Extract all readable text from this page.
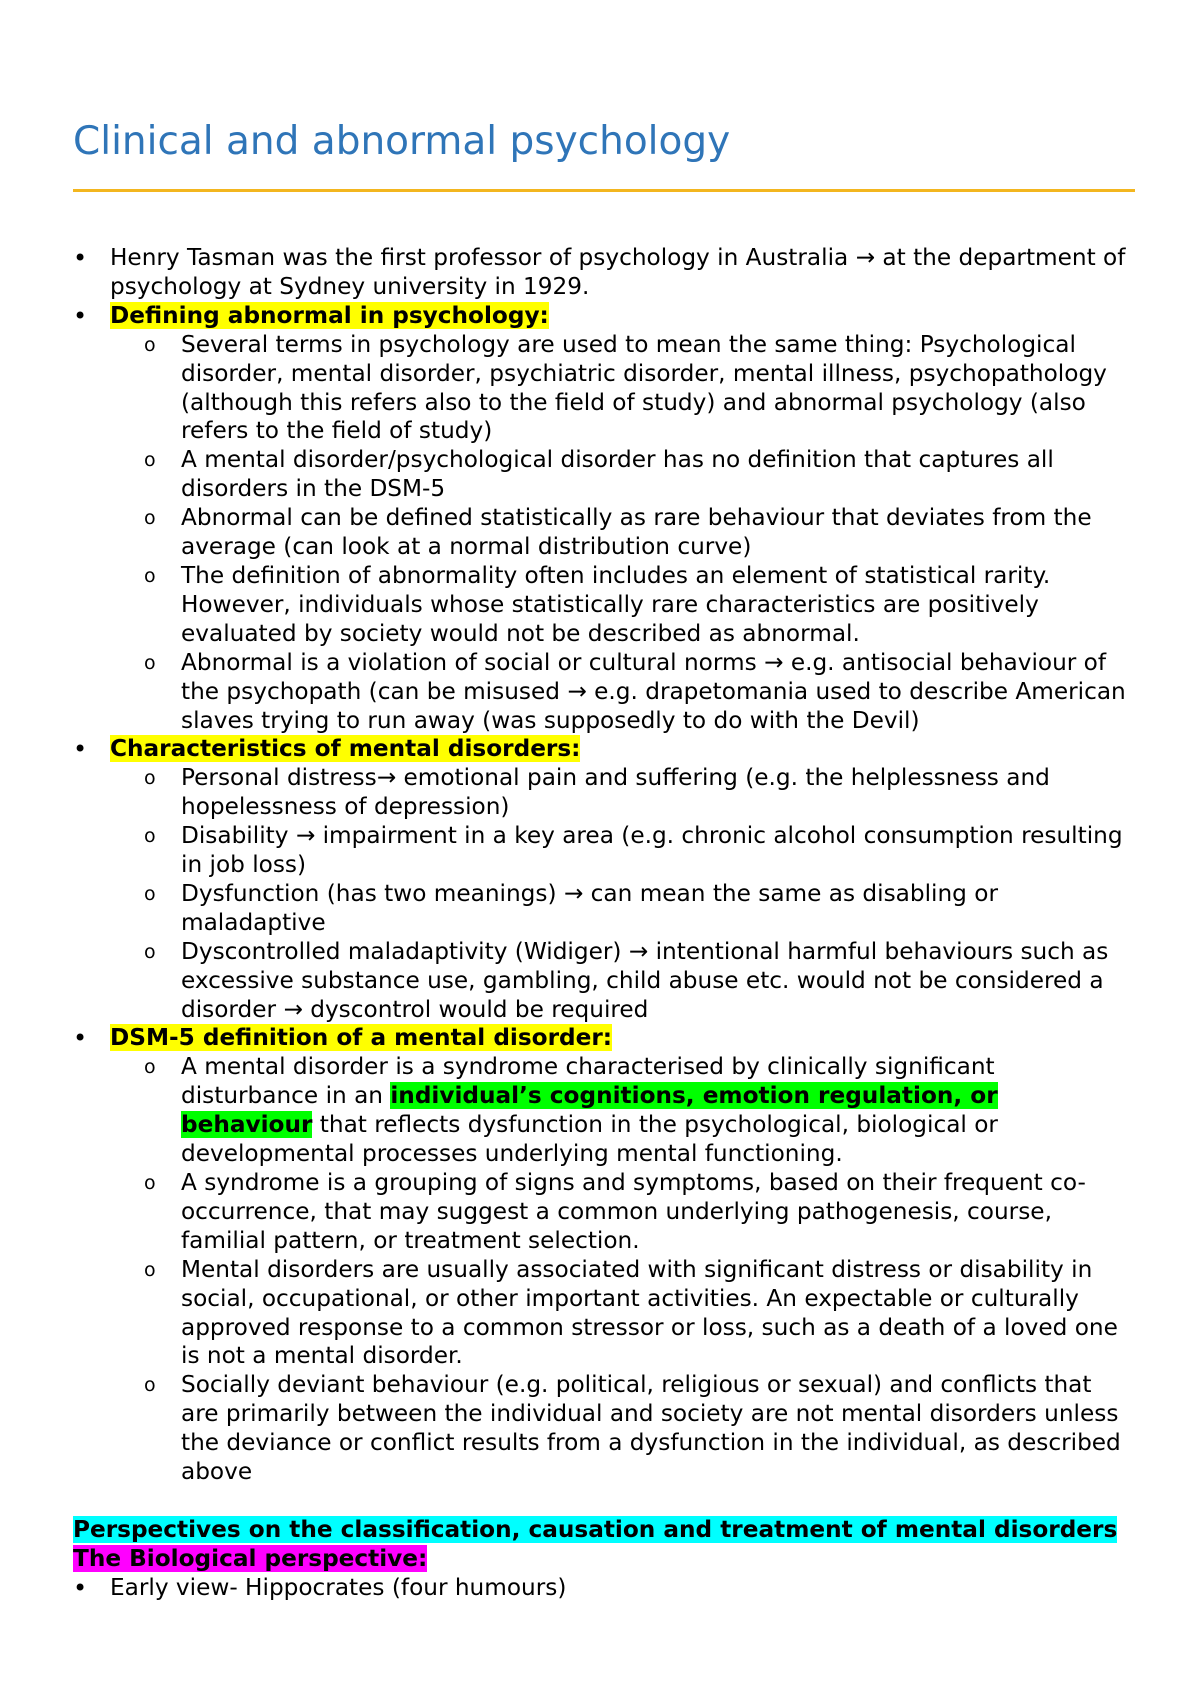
Clinical and abnormal psychology
• Henry Tasman was the first professor of psychology in Australia → at the department of psychology at Sydney university in 1929.
• Defining abnormal in psychology:
o Several terms in psychology are used to mean the same thing: Psychological disorder, mental disorder, psychiatric disorder, mental illness, psychopathology (although this refers also to the field of study) and abnormal psychology (also refers to the field of study)
o A mental disorder/psychological disorder has no definition that captures all disorders in the DSM-5
o Abnormal can be defined statistically as rare behaviour that deviates from the average (can look at a normal distribution curve)
o The definition of abnormality often includes an element of statistical rarity. However, individuals whose statistically rare characteristics are positively evaluated by society would not be described as abnormal.
o Abnormal is a violation of social or cultural norms → e.g. antisocial behaviour of the psychopath (can be misused → e.g. drapetomania used to describe American slaves trying to run away (was supposedly to do with the Devil)
• Characteristics of mental disorders:
o Personal distress→ emotional pain and suffering (e.g. the helplessness and hopelessness of depression)
o Disability → impairment in a key area (e.g. chronic alcohol consumption resulting in job loss)
o Dysfunction (has two meanings) → can mean the same as disabling or maladaptive
o Dyscontrolled maladaptivity (Widiger) → intentional harmful behaviours such as excessive substance use, gambling, child abuse etc. would not be considered a disorder → dyscontrol would be required
• DSM-5 definition of a mental disorder:
o A mental disorder is a syndrome characterised by clinically significant disturbance in an individual’s cognitions, emotion regulation, or behaviour that reflects dysfunction in the psychological, biological or developmental processes underlying mental functioning.
o A syndrome is a grouping of signs and symptoms, based on their frequent co-occurrence, that may suggest a common underlying pathogenesis, course, familial pattern, or treatment selection.
o Mental disorders are usually associated with significant distress or disability in social, occupational, or other important activities. An expectable or culturally approved response to a common stressor or loss, such as a death of a loved one is not a mental disorder.
o Socially deviant behaviour (e.g. political, religious or sexual) and conflicts that are primarily between the individual and society are not mental disorders unless the deviance or conflict results from a dysfunction in the individual, as described above
Perspectives on the classification, causation and treatment of mental disorders
The Biological perspective:
• Early view- Hippocrates (four humours)
